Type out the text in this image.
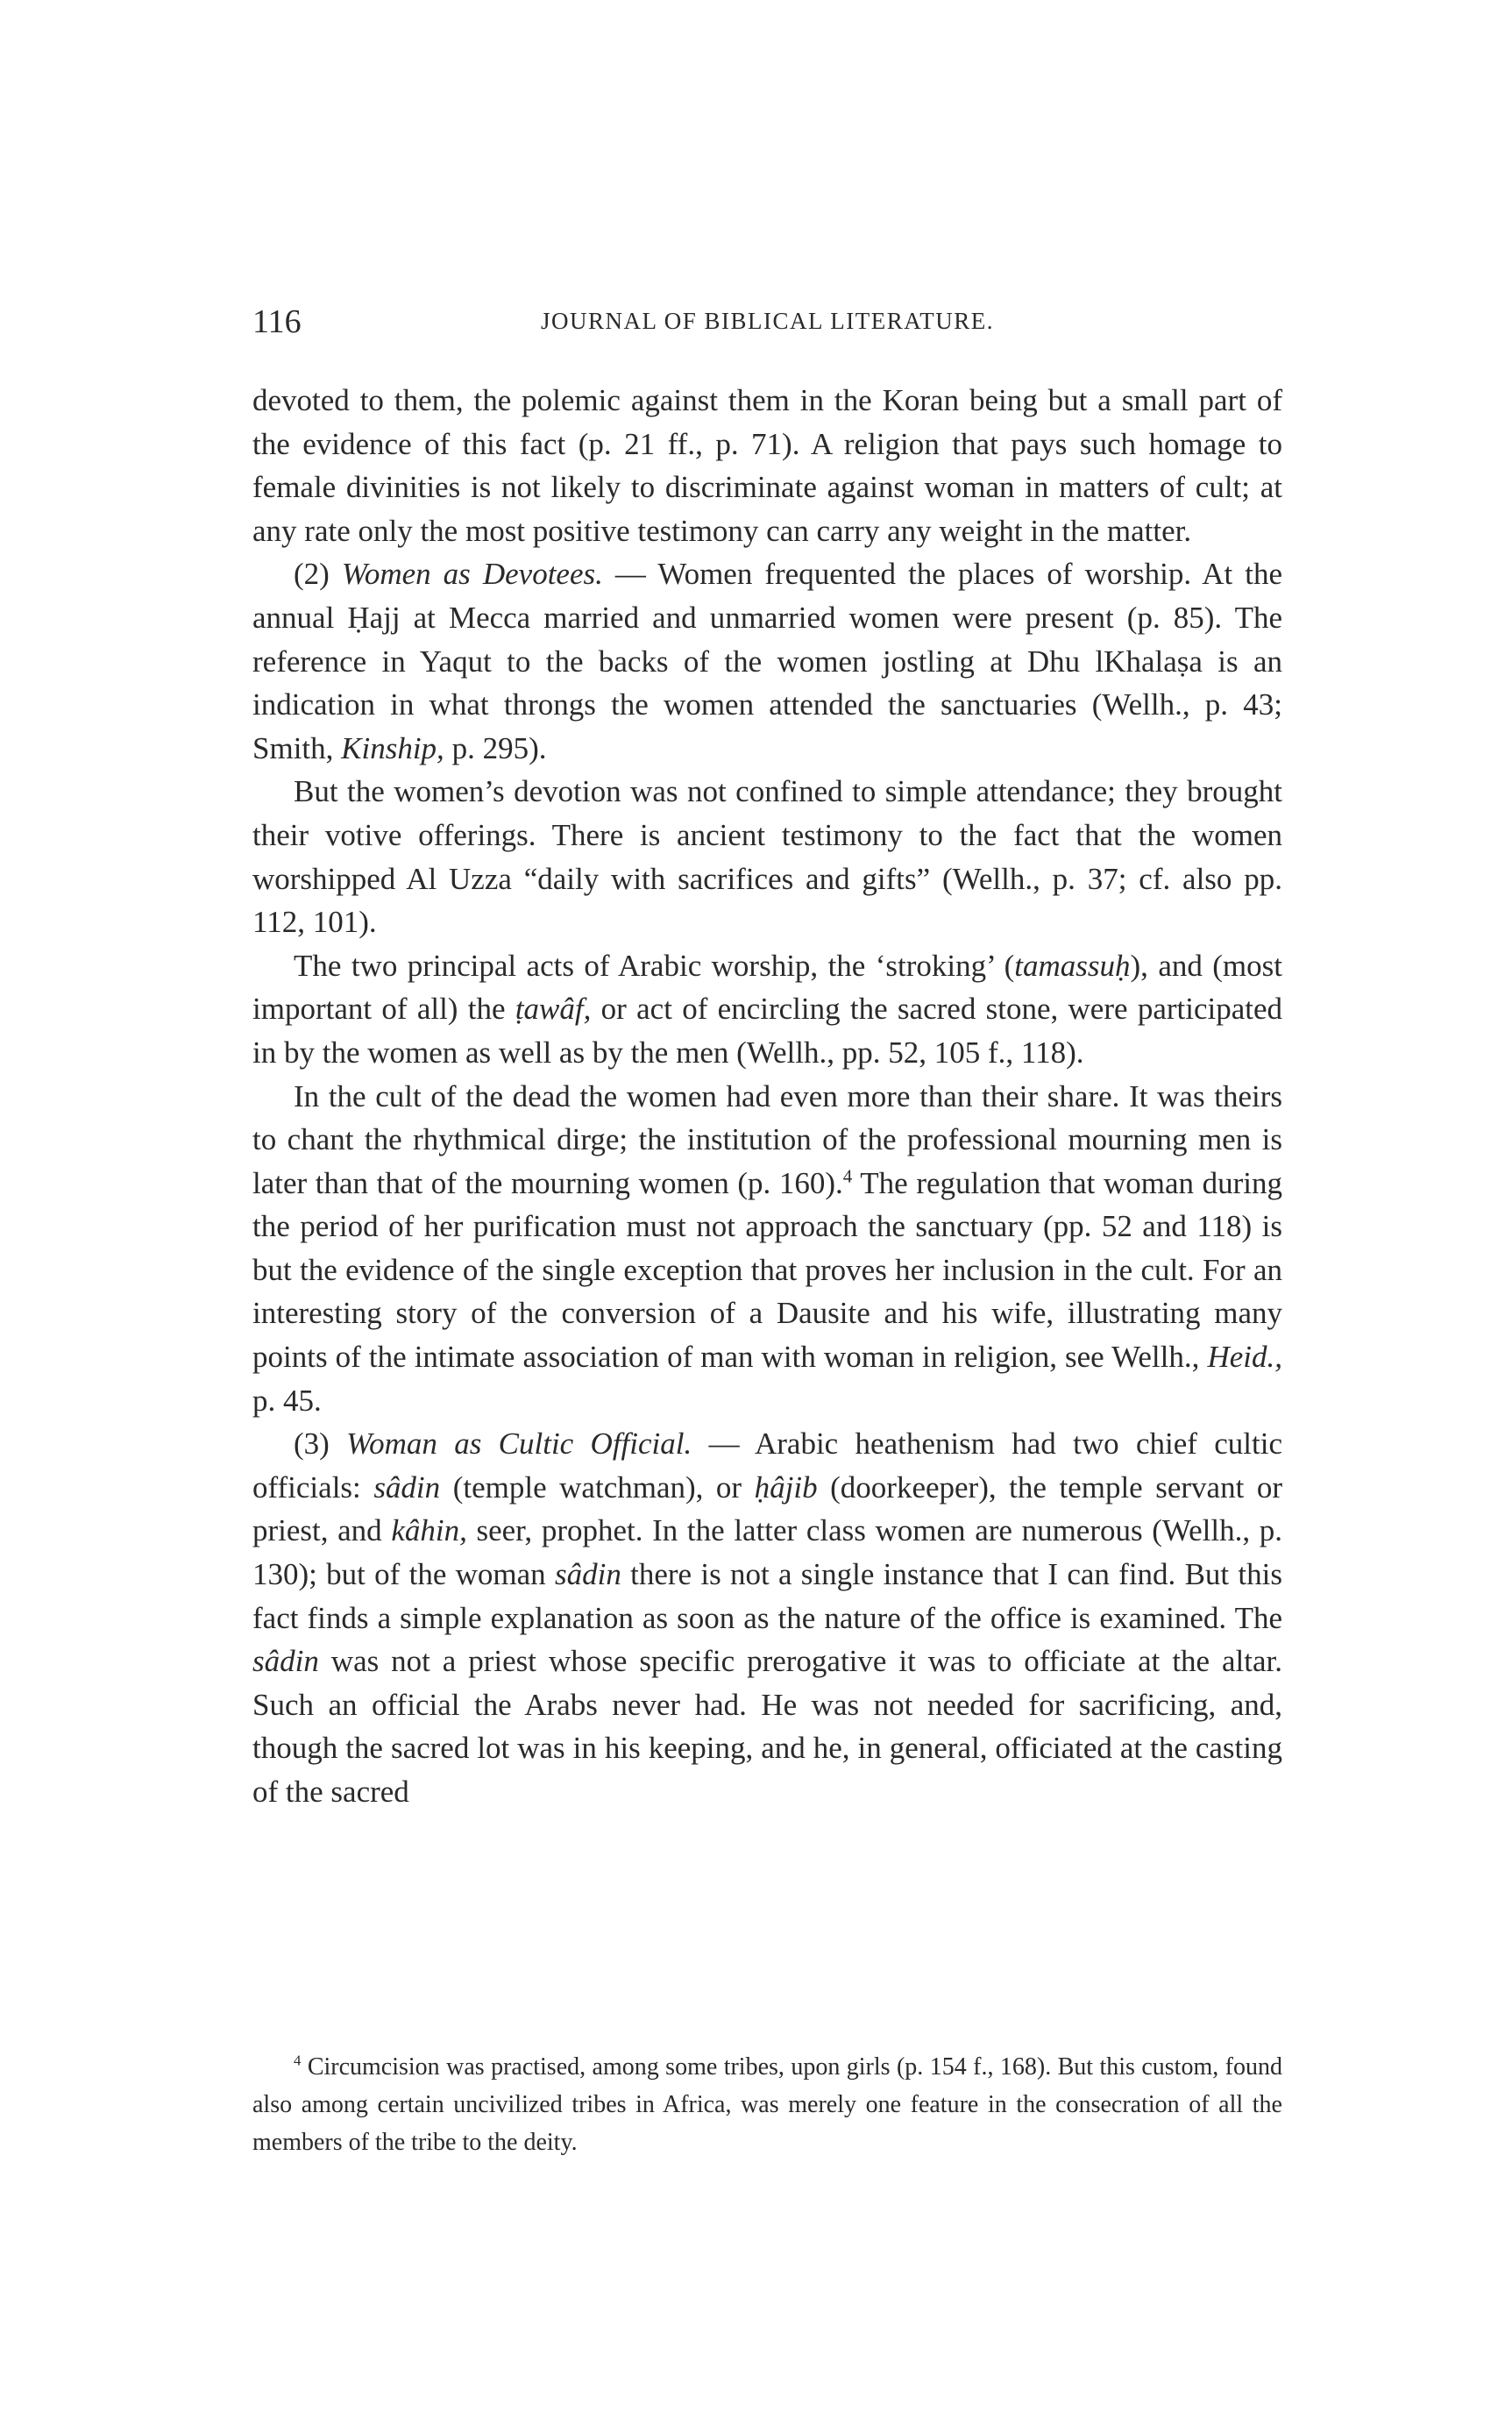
116	JOURNAL OF BIBLICAL LITERATURE.

devoted to them, the polemic against them in the Koran being but a small part of the evidence of this fact (p. 21 ff., p. 71). A religion that pays such homage to female divinities is not likely to discriminate against woman in matters of cult; at any rate only the most positive testimony can carry any weight in the matter.

(2) Women as Devotees. — Women frequented the places of worship. At the annual Ḥajj at Mecca married and unmarried women were present (p. 85). The reference in Yaqut to the backs of the women jostling at Dhu lKhalaṣa is an indication in what throngs the women attended the sanctuaries (Wellh., p. 43; Smith, Kinship, p. 295).

But the women’s devotion was not confined to simple attendance; they brought their votive offerings. There is ancient testimony to the fact that the women worshipped Al Uzza “daily with sacrifices and gifts” (Wellh., p. 37; cf. also pp. 112, 101).

The two principal acts of Arabic worship, the ‘stroking’ (tamassuḥ), and (most important of all) the ṭawâf, or act of encircling the sacred stone, were participated in by the women as well as by the men (Wellh., pp. 52, 105 f., 118).

In the cult of the dead the women had even more than their share. It was theirs to chant the rhythmical dirge; the institution of the professional mourning men is later than that of the mourning women (p. 160).$^4$ The regulation that woman during the period of her purification must not approach the sanctuary (pp. 52 and 118) is but the evidence of the single exception that proves her inclusion in the cult. For an interesting story of the conversion of a Dausite and his wife, illustrating many points of the intimate association of man with woman in religion, see Wellh., Heid., p. 45.

(3) Woman as Cultic Official. — Arabic heathenism had two chief cultic officials: sâdin (temple watchman), or ḥâjib (doorkeeper), the temple servant or priest, and kâhin, seer, prophet. In the latter class women are numerous (Wellh., p. 130); but of the woman sâdin there is not a single instance that I can find. But this fact finds a simple explanation as soon as the nature of the office is examined. The sâdin was not a priest whose specific prerogative it was to officiate at the altar. Such an official the Arabs never had. He was not needed for sacrificing, and, though the sacred lot was in his keeping, and he, in general, officiated at the casting of the sacred

$^4$ Circumcision was practised, among some tribes, upon girls (p. 154 f., 168). But this custom, found also among certain uncivilized tribes in Africa, was merely one feature in the consecration of all the members of the tribe to the deity.
